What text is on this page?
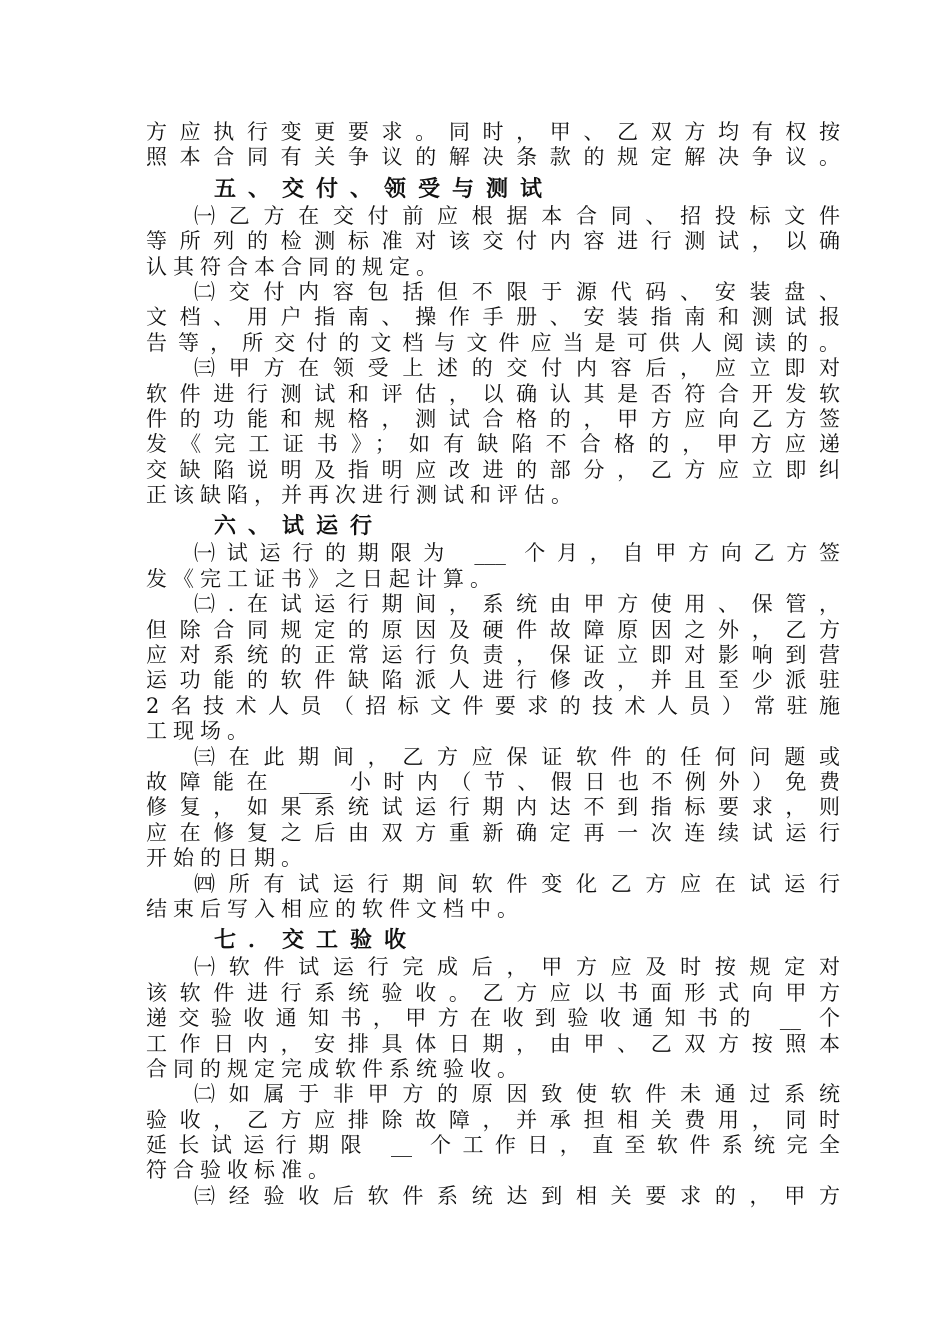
方应执行变更要求。同时，甲、乙双方均有权按
照本合同有关争议的解决条款的规定解决争议。
五、交付、领受与测试
㈠乙方在交付前应根据本合同、招投标文件
等所列的检测标准对该交付内容进行测试，以确
认其符合本合同的规定。
㈡交付内容包括但不限于源代码、安装盘、
文档、用户指南、操作手册、安装指南和测试报
告等，所交付的文档与文件应当是可供人阅读的。
㈢甲方在领受上述的交付内容后，应立即对
软件进行测试和评估，以确认其是否符合开发软
件的功能和规格，测试合格的，甲方应向乙方签
发《完工证书》；如有缺陷不合格的，甲方应递
交缺陷说明及指明应改进的部分，乙方应立即纠
正该缺陷，并再次进行测试和评估。
六、试运行
㈠试运行的期限为 ___ 个月，自甲方向乙方签
发《完工证书》之日起计算。
㈡.在试运行期间，系统由甲方使用、保管，
但除合同规定的原因及硬件故障原因之外，乙方
应对系统的正常运行负责，保证立即对影响到营
运功能的软件缺陷派人进行修改，并且至少派驻
2名技术人员（招标文件要求的技术人员）常驻施
工现场。
㈢在此期间，乙方应保证软件的任何问题或
故障能在 ___ 小时内（节、假日也不例外）免费
修复，如果系统试运行期内达不到指标要求，则
应在修复之后由双方重新确定再一次连续试运行
开始的日期。
㈣所有试运行期间软件变化乙方应在试运行
结束后写入相应的软件文档中。
七．交工验收
㈠软件试运行完成后，甲方应及时按规定对
该软件进行系统验收。乙方应以书面形式向甲方
递交验收通知书，甲方在收到验收通知书的 __ 个
工作日内，安排具体日期，由甲、乙双方按照本
合同的规定完成软件系统验收。
㈡如属于非甲方的原因致使软件未通过系统
验收，乙方应排除故障，并承担相关费用，同时
延长试运行期限 __ 个工作日，直至软件系统完全
符合验收标准。
㈢经验收后软件系统达到相关要求的，甲方
